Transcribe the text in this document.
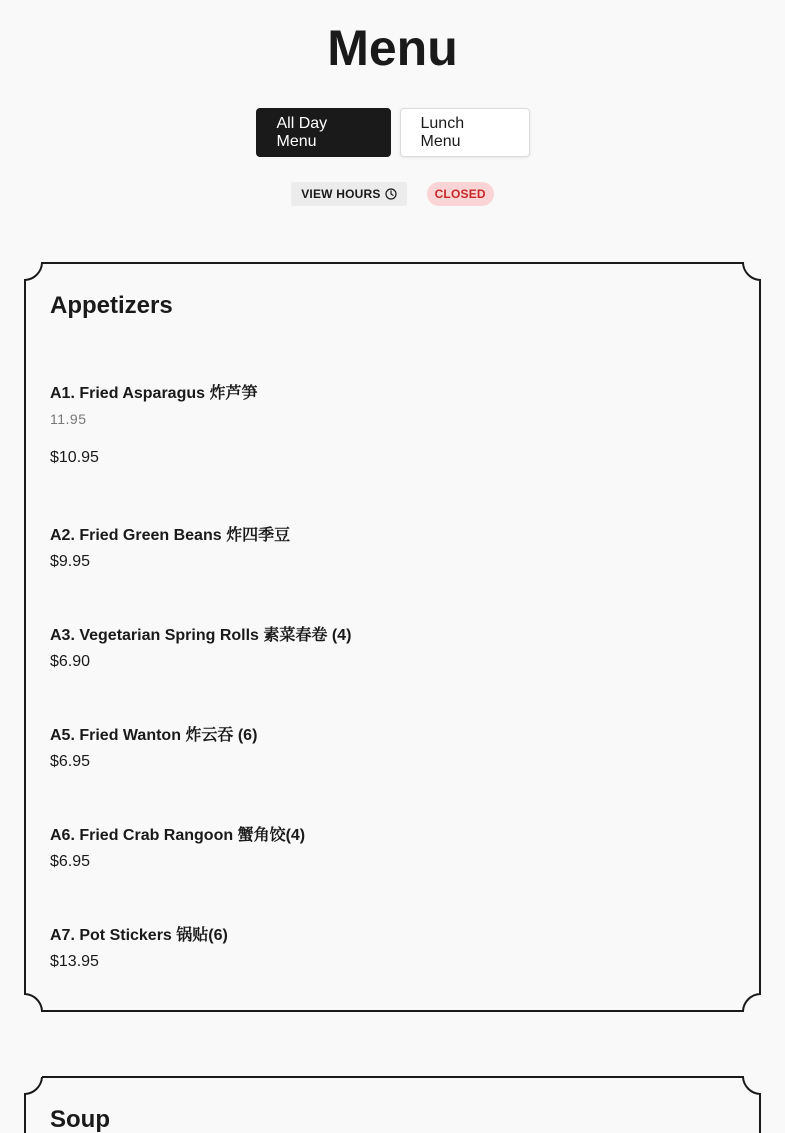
Menu
All Day Menu
Lunch Menu
VIEW HOURS	CLOSED
Appetizers
A1. Fried Asparagus 炸芦笋
11.95
$10.95
A2. Fried Green Beans 炸四季豆
$9.95
A3. Vegetarian Spring Rolls 素菜春卷 (4)
$6.90
A5. Fried Wanton 炸云吞 (6)
$6.95
A6. Fried Crab Rangoon 蟹角饺(4)
$6.95
A7. Pot Stickers 锅贴(6)
$13.95
Soup
